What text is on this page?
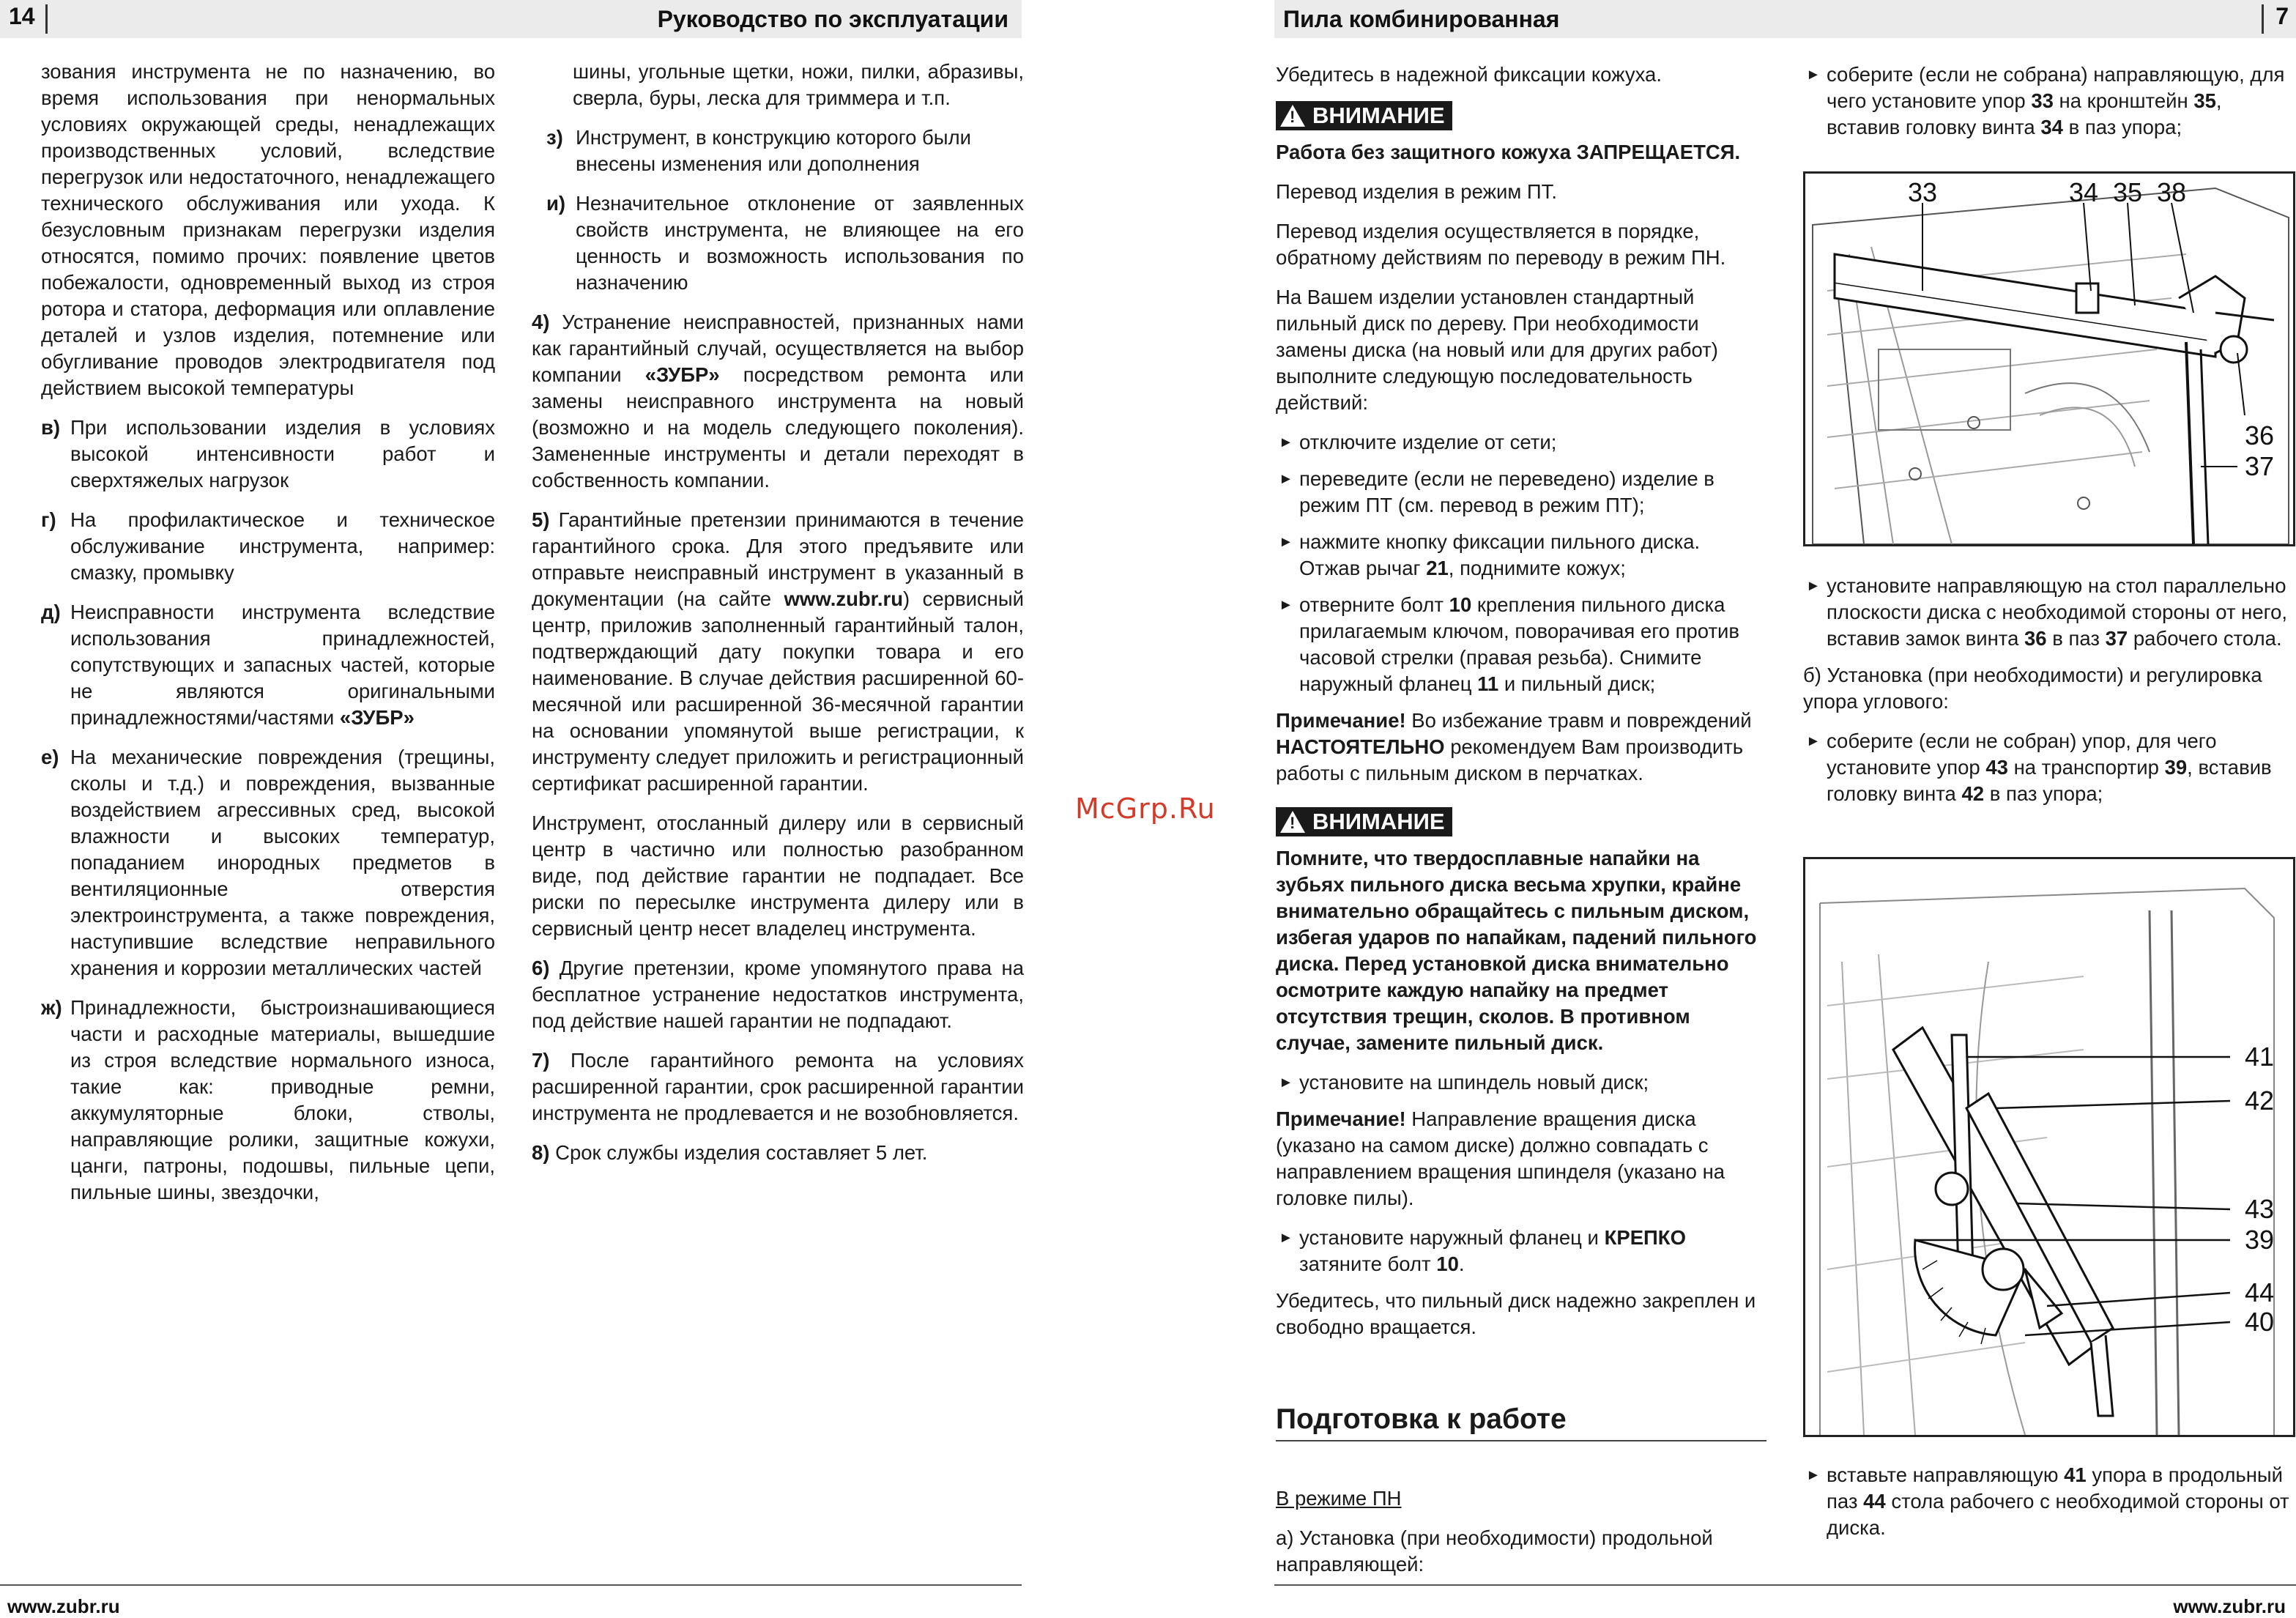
14	Руководство по эксплуатации	Пила комбинированная	7

зования инструмента не по назначению, во время использования при ненормальных условиях окружающей среды, ненадлежащих производственных условий, вследствие перегрузок или недостаточного, ненадлежащего технического обслуживания или ухода. К безусловным признакам перегрузки изделия относятся, помимо прочих: появление цветов побежалости, одновременный выход из строя ротора и статора, деформация или оплавление деталей и узлов изделия, потемнение или обугливание проводов электродвигателя под действием высокой температуры

в) При использовании изделия в условиях высокой интенсивности работ и сверхтяжелых нагрузок
г) На профилактическое и техническое обслуживание инструмента, например: смазку, промывку
д) Неисправности инструмента вследствие использования принадлежностей, сопутствующих и запасных частей, которые не являются оригинальными принадлежностями/частями «ЗУБР»
е) На механические повреждения (трещины, сколы и т.д.) и повреждения, вызванные воздействием агрессивных сред, высокой влажности и высоких температур, попаданием инородных предметов в вентиляционные отверстия электроинструмента, а также повреждения, наступившие вследствие неправильного хранения и коррозии металлических частей
ж) Принадлежности, быстроизнашивающиеся части и расходные материалы, вышедшие из строя вследствие нормального износа, такие как: приводные ремни, аккумуляторные блоки, стволы, направляющие ролики, защитные кожухи, цанги, патроны, подошвы, пильные цепи, пильные шины, звездочки,

шины, угольные щетки, ножи, пилки, абразивы, сверла, буры, леска для триммера и т.п.

з) Инструмент, в конструкцию которого были внесены изменения или дополнения
и) Незначительное отклонение от заявленных свойств инструмента, не влияющее на его ценность и возможность использования по назначению

4) Устранение неисправностей, признанных нами как гарантийный случай, осуществляется на выбор компании «ЗУБР» посредством ремонта или замены неисправного инструмента на новый (возможно и на модель следующего поколения). Замененные инструменты и детали переходят в собственность компании.

5) Гарантийные претензии принимаются в течение гарантийного срока. Для этого предъявите или отправьте неисправный инструмент в указанный в документации (на сайте www.zubr.ru) сервисный центр, приложив заполненный гарантийный талон, подтверждающий дату покупки товара и его наименование. В случае действия расширенной 60-месячной или расширенной 36-месячной гарантии на основании упомянутой выше регистрации, к инструменту следует приложить и регистрационный сертификат расширенной гарантии.

Инструмент, отосланный дилеру или в сервисный центр в частично или полностью разобранном виде, под действие гарантии не подпадает. Все риски по пересылке инструмента дилеру или в сервисный центр несет владелец инструмента.

6) Другие претензии, кроме упомянутого права на бесплатное устранение недостатков инструмента, под действие нашей гарантии не подпадают.

7) После гарантийного ремонта на условиях расширенной гарантии, срок расширенной гарантии инструмента не продлевается и не возобновляется.

8) Срок службы изделия составляет 5 лет.

McGrp.Ru

Убедитесь в надежной фиксации кожуха.

! ВНИМАНИЕ

Работа без защитного кожуха ЗАПРЕЩАЕТСЯ.

Перевод изделия в режим ПТ.

Перевод изделия осуществляется в порядке, обратному действиям по переводу в режим ПН.

На Вашем изделии установлен стандартный пильный диск по дереву. При необходимости замены диска (на новый или для других работ) выполните следующую последовательность действий:

► отключите изделие от сети;
► переведите (если не переведено) изделие в режим ПТ (см. перевод в режим ПТ);
► нажмите кнопку фиксации пильного диска. Отжав рычаг 21, поднимите кожух;
► отверните болт 10 крепления пильного диска прилагаемым ключом, поворачивая его против часовой стрелки (правая резьба). Снимите наружный фланец 11 и пильный диск;

Примечание! Во избежание травм и повреждений НАСТОЯТЕЛЬНО рекомендуем Вам производить работы с пильным диском в перчатках.

! ВНИМАНИЕ

Помните, что твердосплавные напайки на зубьях пильного диска весьма хрупки, крайне внимательно обращайтесь с пильным диском, избегая ударов по напайкам, падений пильного диска. Перед установкой диска внимательно осмотрите каждую напайку на предмет отсутствия трещин, сколов. В противном случае, замените пильный диск.

► установите на шпиндель новый диск;

Примечание! Направление вращения диска (указано на самом диске) должно совпадать с направлением вращения шпинделя (указано на головке пилы).

► установите наружный фланец и КРЕПКО затяните болт 10.

Убедитесь, что пильный диск надежно закреплен и свободно вращается.

Подготовка к работе

В режиме ПН

а) Установка (при необходимости) продольной направляющей:

► соберите (если не собрана) направляющую, для чего установите упор 33 на кронштейн 35, вставив головку винта 34 в паз упора;
33	34 35 38
36
37
► установите направляющую на стол параллельно плоскости диска с необходимой стороны от него, вставив замок винта 36 в паз 37 рабочего стола.

б) Установка (при необходимости) и регулировка упора углового:

► соберите (если не собран) упор, для чего установите упор 43 на транспортир 39, вставив головку винта 42 в паз упора;
41
42
43
39
44
40
► вставьте направляющую 41 упора в продольный паз 44 стола рабочего с необходимой стороны от диска.
www.zubr.ru	www.zubr.ru
